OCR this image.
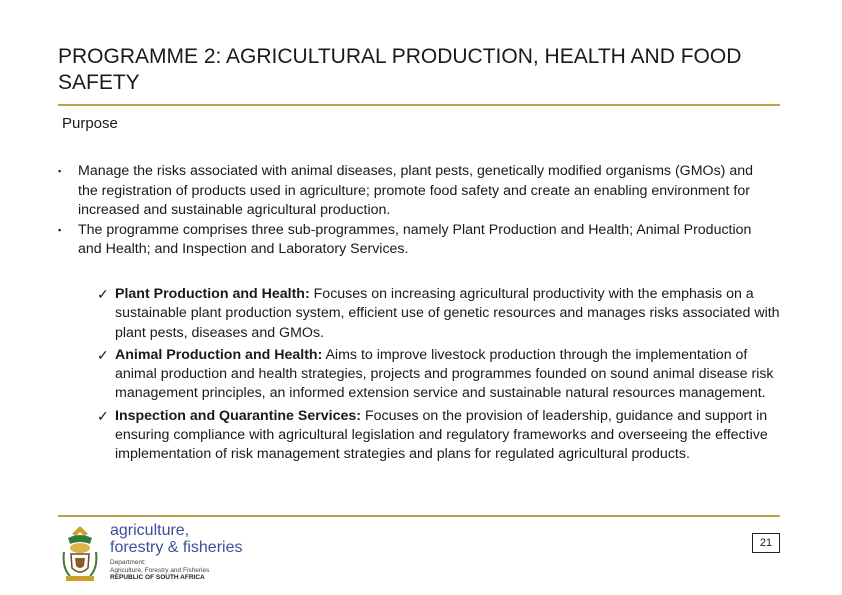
PROGRAMME 2: AGRICULTURAL PRODUCTION, HEALTH AND FOOD SAFETY
Purpose
▪ Manage the risks associated with animal diseases, plant pests, genetically modified organisms (GMOs) and the registration of products used in agriculture; promote food safety and create an enabling environment for increased and sustainable agricultural production.
▪ The programme comprises three sub-programmes, namely Plant Production and Health; Animal Production and Health; and Inspection and Laboratory Services.
✓ Plant Production and Health: Focuses on increasing agricultural productivity with the emphasis on a sustainable plant production system, efficient use of genetic resources and manages risks associated with plant pests, diseases and GMOs.
✓ Animal Production and Health: Aims to improve livestock production through the implementation of animal production and health strategies, projects and programmes founded on sound animal disease risk management principles, an informed extension service and sustainable natural resources management.
✓ Inspection and Quarantine Services: Focuses on the provision of leadership, guidance and support in ensuring compliance with agricultural legislation and regulatory frameworks and overseeing the effective implementation of risk management strategies and plans for regulated agricultural products.
agriculture,
forestry & fisheries
Department:
Agriculture, Forestry and Fisheries
REPUBLIC OF SOUTH AFRICA
21
